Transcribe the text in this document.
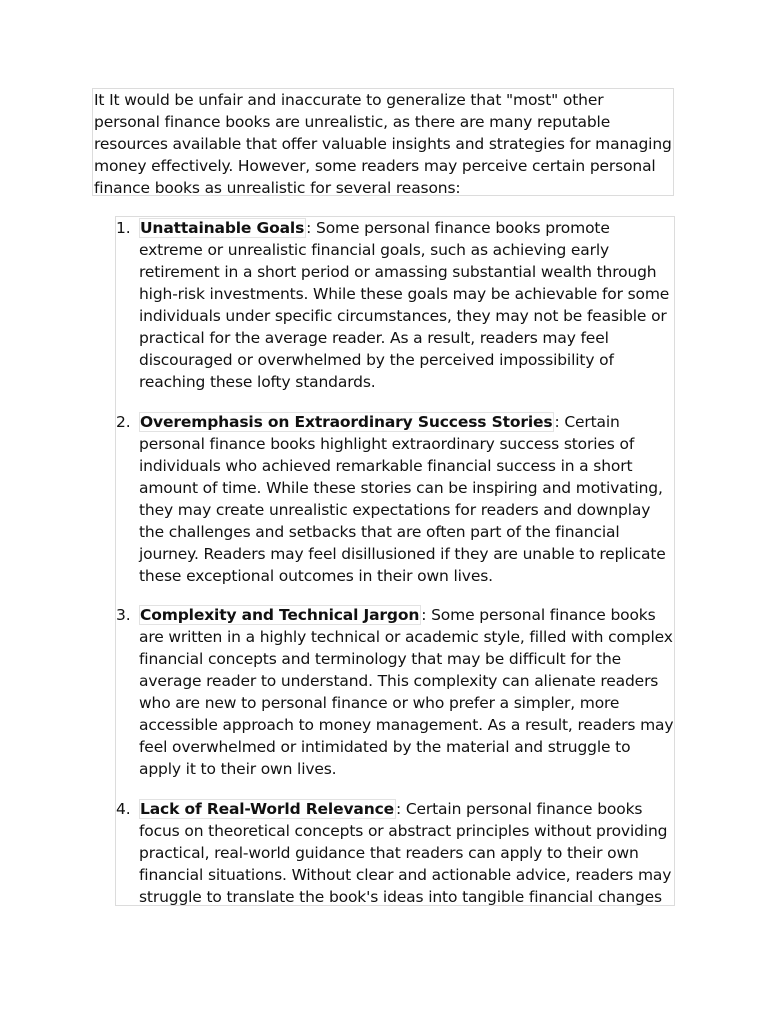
It It would be unfair and inaccurate to generalize that "most" other personal finance books are unrealistic, as there are many reputable resources available that offer valuable insights and strategies for managing money effectively. However, some readers may perceive certain personal finance books as unrealistic for several reasons:
1. Unattainable Goals : Some personal finance books promote extreme or unrealistic financial goals, such as achieving early retirement in a short period or amassing substantial wealth through high-risk investments. While these goals may be achievable for some individuals under specific circumstances, they may not be feasible or practical for the average reader. As a result, readers may feel discouraged or overwhelmed by the perceived impossibility of reaching these lofty standards.
2. Overemphasis on Extraordinary Success Stories : Certain personal finance books highlight extraordinary success stories of individuals who achieved remarkable financial success in a short amount of time. While these stories can be inspiring and motivating, they may create unrealistic expectations for readers and downplay the challenges and setbacks that are often part of the financial journey. Readers may feel disillusioned if they are unable to replicate these exceptional outcomes in their own lives.
3. Complexity and Technical Jargon : Some personal finance books are written in a highly technical or academic style, filled with complex financial concepts and terminology that may be difficult for the average reader to understand. This complexity can alienate readers who are new to personal finance or who prefer a simpler, more accessible approach to money management. As a result, readers may feel overwhelmed or intimidated by the material and struggle to apply it to their own lives.
4. Lack of Real-World Relevance : Certain personal finance books focus on theoretical concepts or abstract principles without providing practical, real-world guidance that readers can apply to their own financial situations. Without clear and actionable advice, readers may struggle to translate the book's ideas into tangible financial changes
